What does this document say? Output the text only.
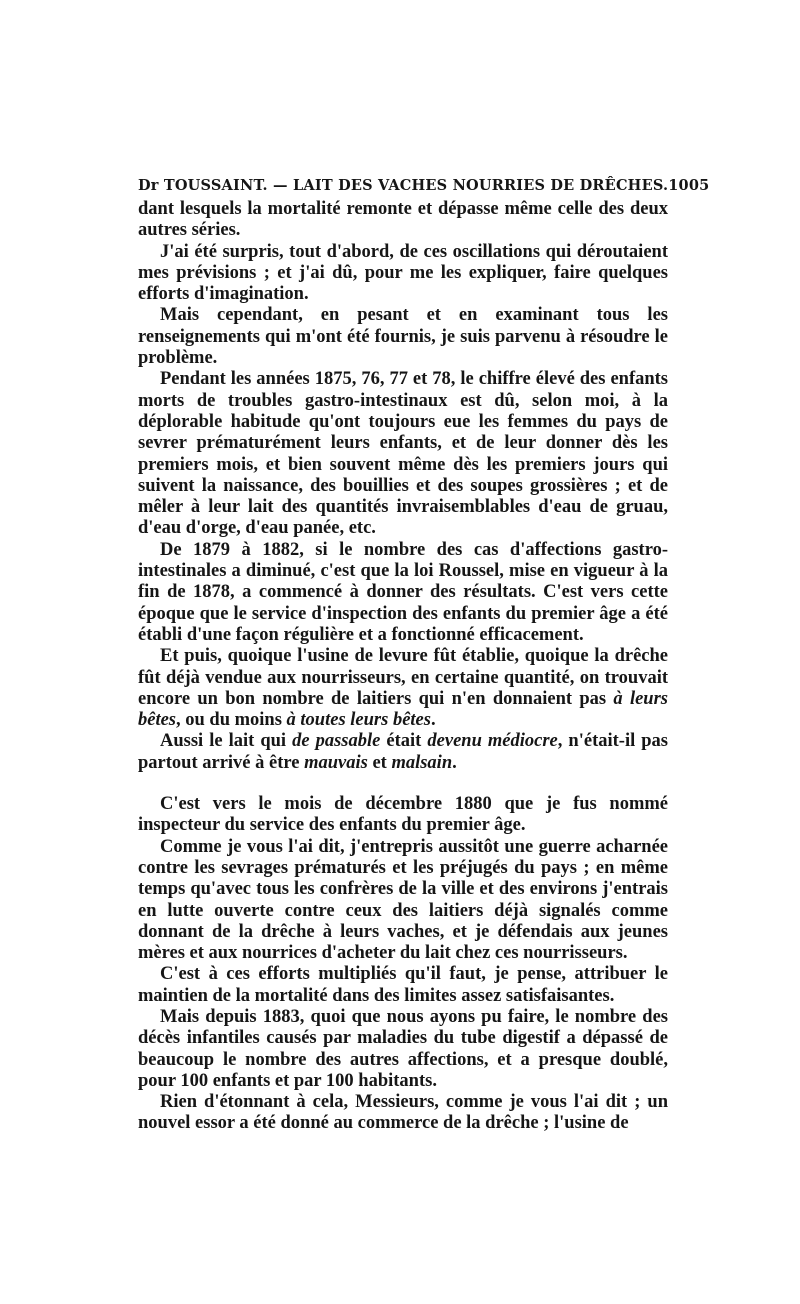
Dr TOUSSAINT. — LAIT DES VACHES NOURRIES DE DRÊCHES. 1005

dant lesquels la mortalité remonte et dépasse même celle des deux autres séries.

J'ai été surpris, tout d'abord, de ces oscillations qui déroutaient mes prévisions ; et j'ai dû, pour me les expliquer, faire quelques efforts d'imagination.

Mais cependant, en pesant et en examinant tous les renseignements qui m'ont été fournis, je suis parvenu à résoudre le problème.

Pendant les années 1875, 76, 77 et 78, le chiffre élevé des enfants morts de troubles gastro-intestinaux est dû, selon moi, à la déplorable habitude qu'ont toujours eue les femmes du pays de sevrer prématurément leurs enfants, et de leur donner dès les premiers mois, et bien souvent même dès les premiers jours qui suivent la naissance, des bouillies et des soupes grossières ; et de mêler à leur lait des quantités invraisemblables d'eau de gruau, d'eau d'orge, d'eau panée, etc.

De 1879 à 1882, si le nombre des cas d'affections gastro-intestinales a diminué, c'est que la loi Roussel, mise en vigueur à la fin de 1878, a commencé à donner des résultats. C'est vers cette époque que le service d'inspection des enfants du premier âge a été établi d'une façon régulière et a fonctionné efficacement.

Et puis, quoique l'usine de levure fût établie, quoique la drêche fût déjà vendue aux nourrisseurs, en certaine quantité, on trouvait encore un bon nombre de laitiers qui n'en donnaient pas à leurs bêtes, ou du moins à toutes leurs bêtes.

Aussi le lait qui de passable était devenu médiocre, n'était-il pas partout arrivé à être mauvais et malsain.

C'est vers le mois de décembre 1880 que je fus nommé inspecteur du service des enfants du premier âge.

Comme je vous l'ai dit, j'entrepris aussitôt une guerre acharnée contre les sevrages prématurés et les préjugés du pays ; en même temps qu'avec tous les confrères de la ville et des environs j'entrais en lutte ouverte contre ceux des laitiers déjà signalés comme donnant de la drêche à leurs vaches, et je défendais aux jeunes mères et aux nourrices d'acheter du lait chez ces nourrisseurs.

C'est à ces efforts multipliés qu'il faut, je pense, attribuer le maintien de la mortalité dans des limites assez satisfaisantes.

Mais depuis 1883, quoi que nous ayons pu faire, le nombre des décès infantiles causés par maladies du tube digestif a dépassé de beaucoup le nombre des autres affections, et a presque doublé, pour 100 enfants et par 100 habitants.

Rien d'étonnant à cela, Messieurs, comme je vous l'ai dit ; un nouvel essor a été donné au commerce de la drêche ; l'usine de
